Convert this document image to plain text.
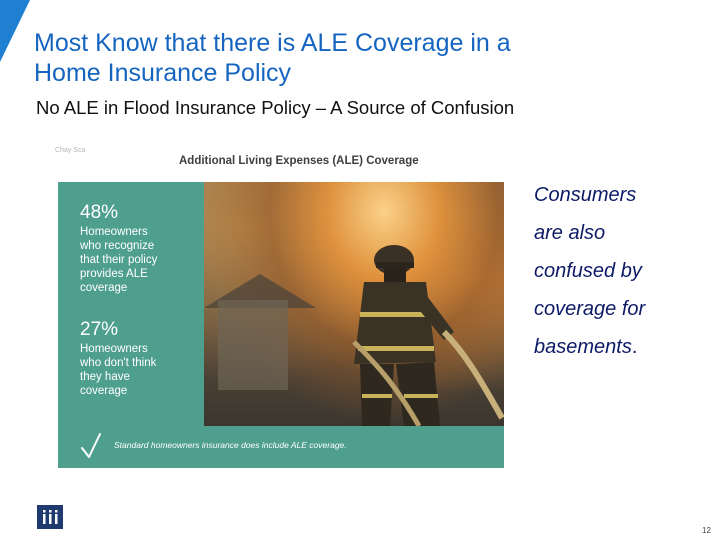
Most Know that there is ALE Coverage in a
Home Insurance Policy
No ALE in Flood Insurance Policy – A Source of Confusion
Chay Sca
Additional Living Expenses (ALE) Coverage
48%
Homeowners
who recognize
that their policy
provides ALE
coverage
27%
Homeowners
who don't think
they have
coverage
Standard homeowners insurance does include ALE coverage.
Consumers
are also
confused by
coverage for
basements.
12
